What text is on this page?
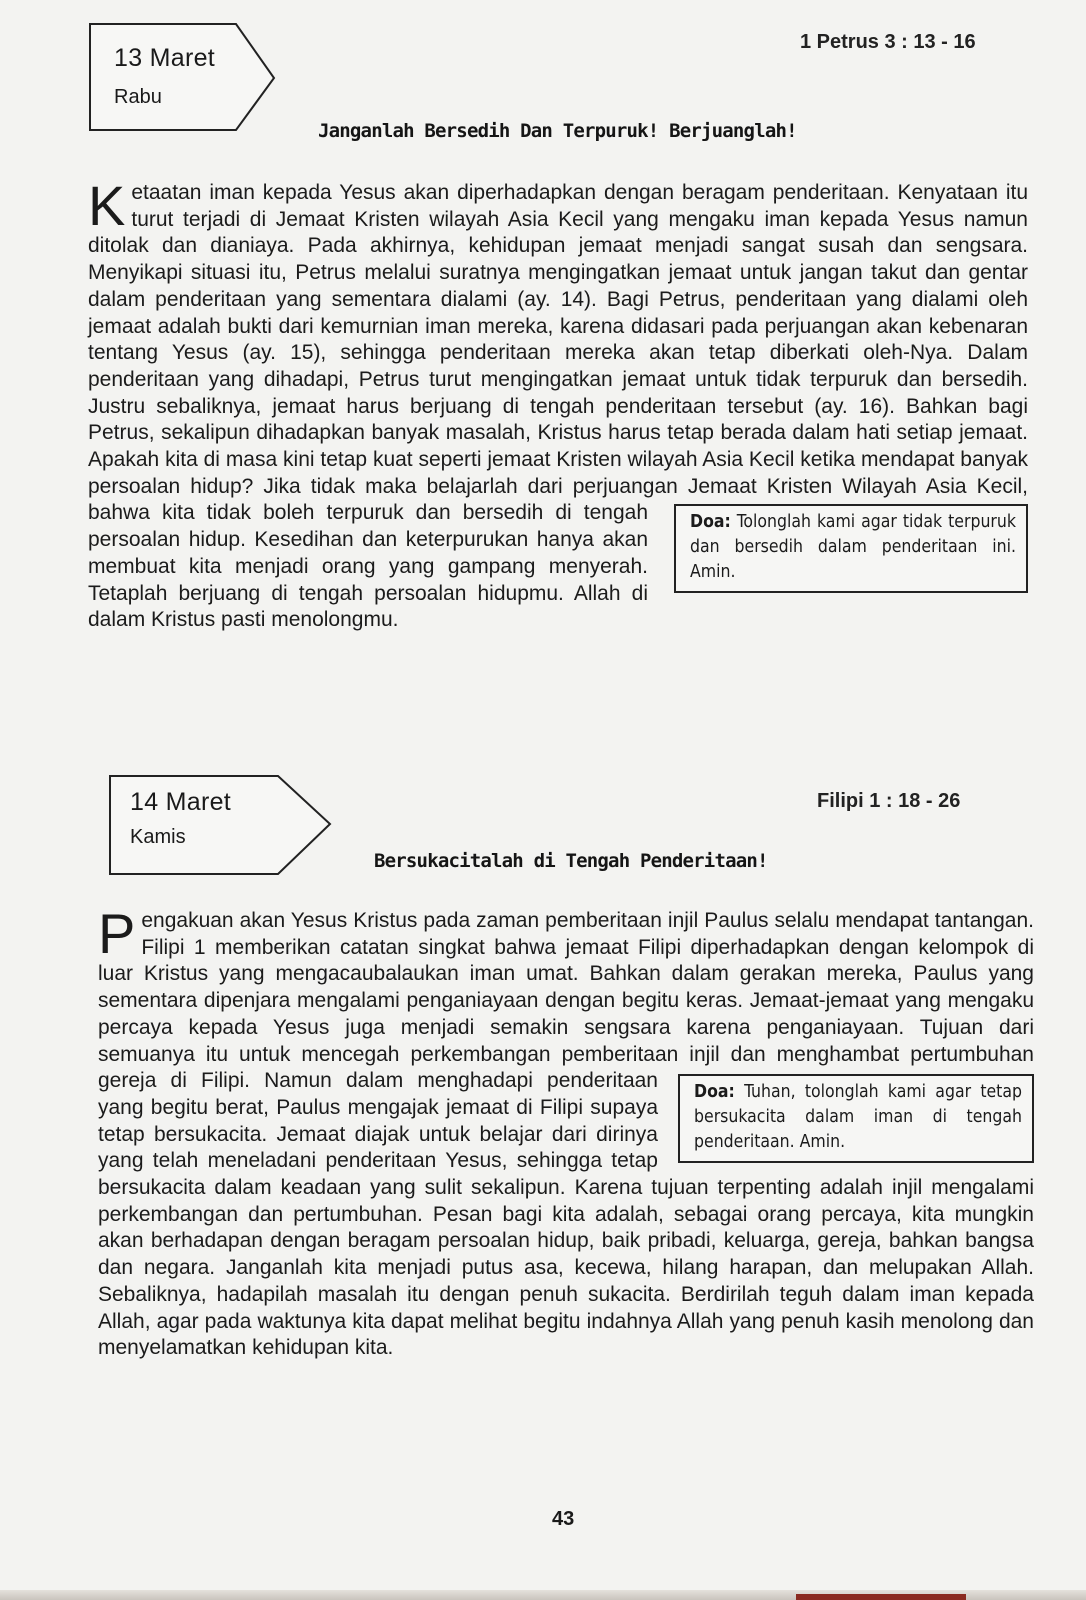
13 Maret
Rabu
1 Petrus 3 : 13 - 16
Janganlah Bersedih Dan Terpuruk! Berjuanglah!
Ketaatan iman kepada Yesus akan diperhadapkan dengan beragam penderitaan. Kenyataan itu turut terjadi di Jemaat Kristen wilayah Asia Kecil yang mengaku iman kepada Yesus namun ditolak dan dianiaya. Pada akhirnya, kehidupan jemaat menjadi sangat susah dan sengsara. Menyikapi situasi itu, Petrus melalui suratnya mengingatkan jemaat untuk jangan takut dan gentar dalam penderitaan yang sementara dialami (ay. 14). Bagi Petrus, penderitaan yang dialami oleh jemaat adalah bukti dari kemurnian iman mereka, karena didasari pada perjuangan akan kebenaran tentang Yesus (ay. 15), sehingga penderitaan mereka akan tetap diberkati oleh-Nya. Dalam penderitaan yang dihadapi, Petrus turut mengingatkan jemaat untuk tidak terpuruk dan bersedih. Justru sebaliknya, jemaat harus berjuang di tengah penderitaan tersebut (ay. 16). Bahkan bagi Petrus, sekalipun dihadapkan banyak masalah, Kristus harus tetap berada dalam hati setiap jemaat. Apakah kita di masa kini tetap kuat seperti jemaat Kristen wilayah Asia Kecil ketika mendapat banyak persoalan hidup? Jika tidak maka belajarlah dari perjuangan Jemaat Kristen Wilayah Asia Kecil, bahwa kita tidak boleh terpuruk dan bersedih di tengah	Doa: Tolonglah kami agar tidak terpuruk dan bersedih dalam penderitaan ini. Amin.
persoalan hidup. Kesedihan dan keterpurukan hanya akan membuat kita menjadi orang yang gampang menyerah. Tetaplah berjuang di tengah persoalan hidupmu. Allah di dalam Kristus pasti menolongmu.
14 Maret
Kamis
Filipi 1 : 18 - 26
Bersukacitalah di Tengah Penderitaan!
Pengakuan akan Yesus Kristus pada zaman pemberitaan injil Paulus selalu mendapat tantangan. Filipi 1 memberikan catatan singkat bahwa jemaat Filipi diperhadapkan dengan kelompok di luar Kristus yang mengacaubalaukan iman umat. Bahkan dalam gerakan mereka, Paulus yang sementara dipenjara mengalami penganiayaan dengan begitu keras. Jemaat-jemaat yang mengaku percaya kepada Yesus juga menjadi semakin sengsara karena penganiayaan. Tujuan dari semuanya itu untuk mencegah perkembangan pemberitaan injil dan menghambat pertumbuhan gereja di Filipi. Namun	Doa: Tuhan, tolonglah kami agar tetap bersukacita dalam iman di tengah penderitaan. Amin.
dalam menghadapi penderitaan yang begitu berat, Paulus mengajak jemaat di Filipi supaya tetap bersukacita. Jemaat diajak untuk belajar dari dirinya yang telah meneladani penderitaan Yesus, sehingga tetap bersukacita dalam keadaan yang sulit sekalipun. Karena tujuan terpenting adalah injil mengalami perkembangan dan pertumbuhan. Pesan bagi kita adalah, sebagai orang percaya, kita mungkin akan berhadapan dengan beragam persoalan hidup, baik pribadi, keluarga, gereja, bahkan bangsa dan negara. Janganlah kita menjadi putus asa, kecewa, hilang harapan, dan melupakan Allah. Sebaliknya, hadapilah masalah itu dengan penuh sukacita. Berdirilah teguh dalam iman kepada Allah, agar pada waktunya kita dapat melihat begitu indahnya Allah yang penuh kasih menolong dan menyelamatkan kehidupan kita.
43
